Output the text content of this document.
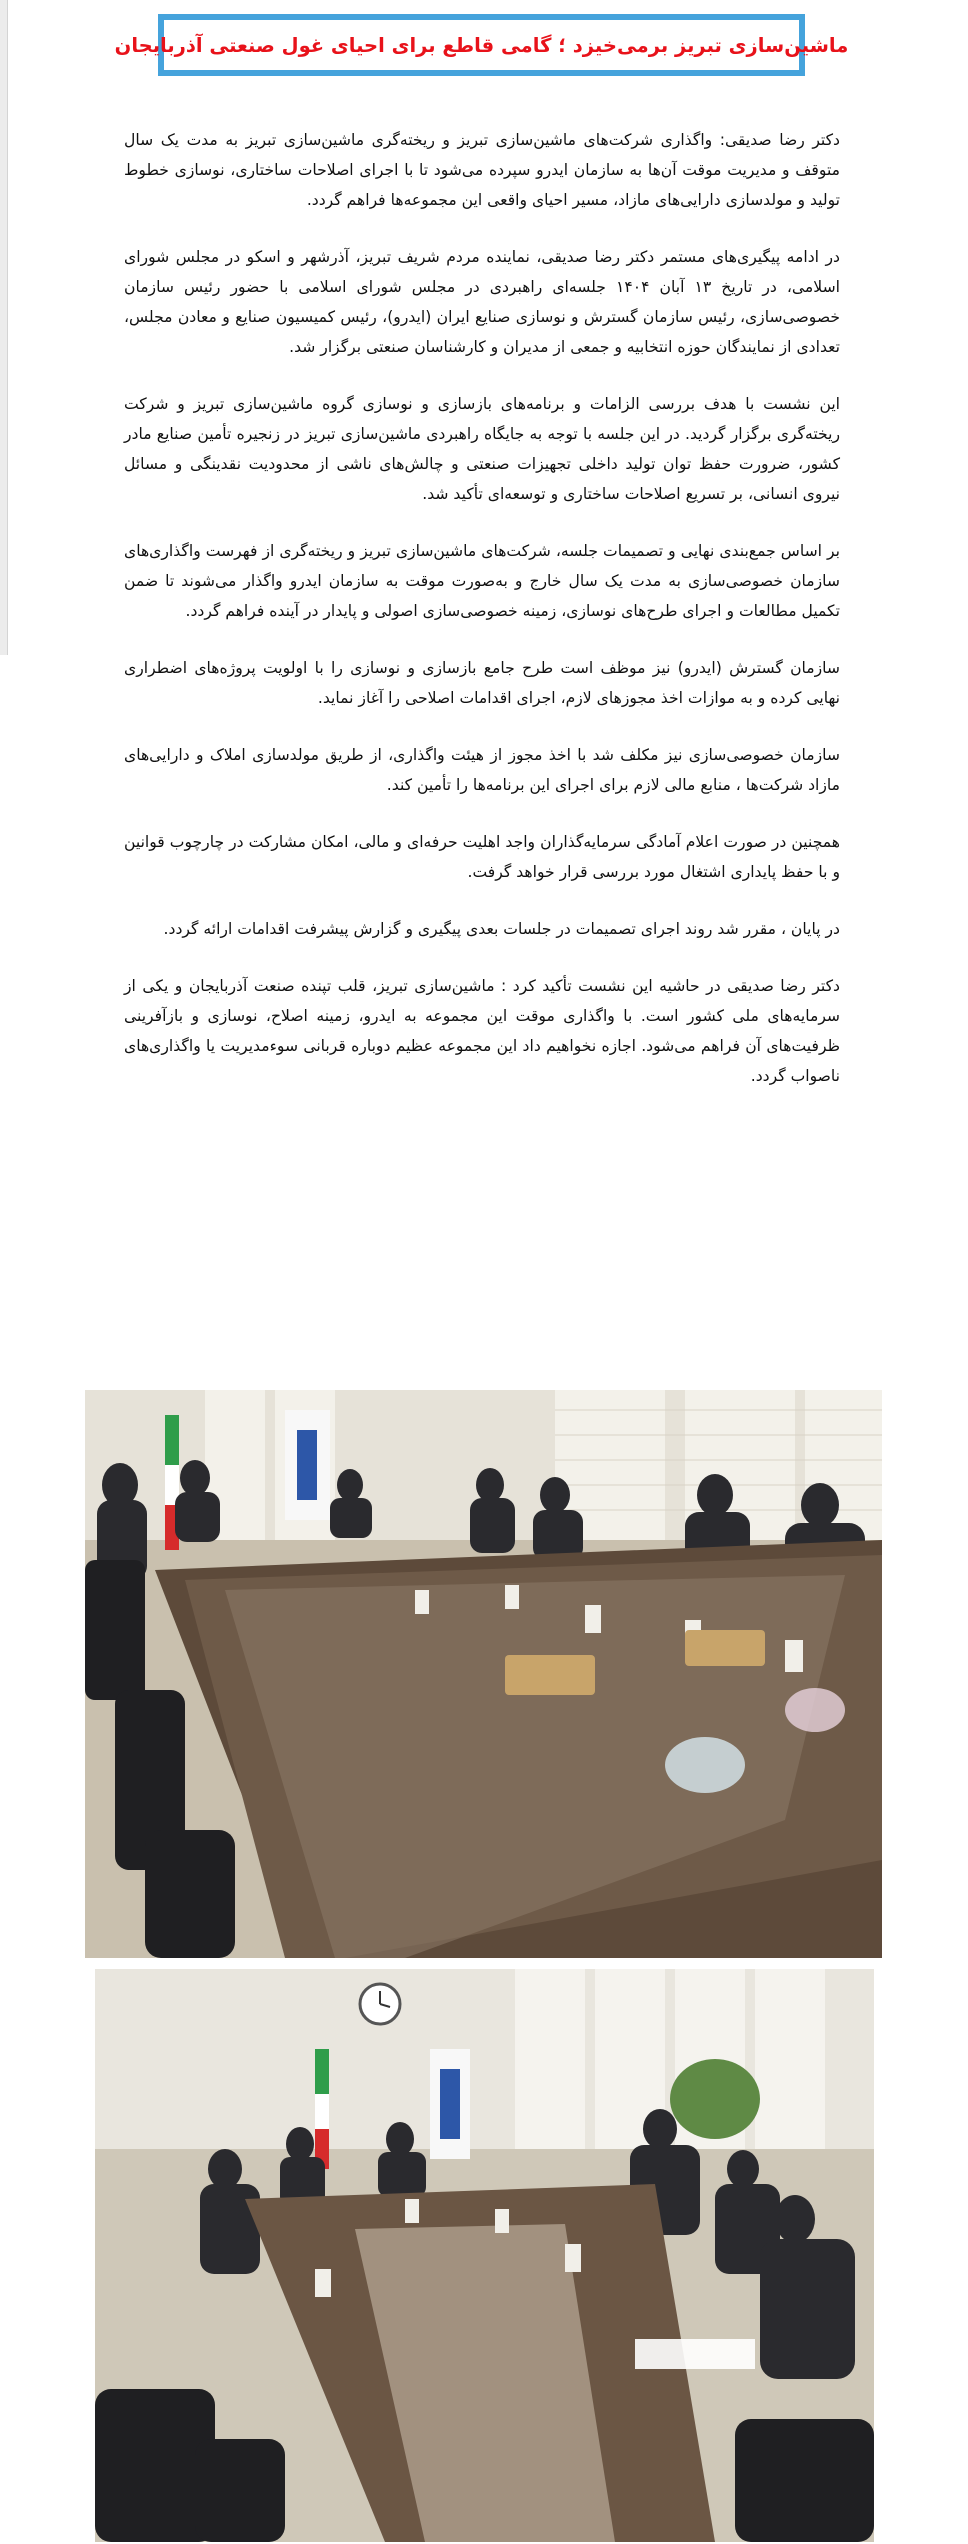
ماشین‌سازی تبریز برمی‌خیزد ؛ گامی قاطع برای احیای غول صنعتی آذربایجان

دکتر رضا صدیقی: واگذاری شرکت‌های ماشین‌سازی تبریز و ریخته‌گری ماشین‌سازی تبریز به مدت یک سال متوقف و مدیریت موقت آن‌ها به سازمان ایدرو سپرده می‌شود تا با اجرای اصلاحات ساختاری، نوسازی خطوط تولید و مولدسازی دارایی‌های مازاد، مسیر احیای واقعی این مجموعه‌ها فراهم گردد.

در ادامه پیگیری‌های مستمر دکتر رضا صدیقی، نماینده مردم شریف تبریز، آذرشهر و اسکو در مجلس شورای اسلامی، در تاریخ ۱۳ آبان ۱۴۰۴ جلسه‌ای راهبردی در مجلس شورای اسلامی با حضور رئیس سازمان خصوصی‌سازی، رئیس سازمان گسترش و نوسازی صنایع ایران (ایدرو)، رئیس کمیسیون صنایع و معادن مجلس، تعدادی از نمایندگان حوزه انتخابیه و جمعی از مدیران و کارشناسان صنعتی برگزار شد.

این نشست با هدف بررسی الزامات و برنامه‌های بازسازی و نوسازی گروه ماشین‌سازی تبریز و شرکت ریخته‌گری برگزار گردید. در این جلسه با توجه به جایگاه راهبردی ماشین‌سازی تبریز در زنجیره تأمین صنایع مادر کشور، ضرورت حفظ توان تولید داخلی تجهیزات صنعتی و چالش‌های ناشی از محدودیت نقدینگی و مسائل نیروی انسانی، بر تسریع اصلاحات ساختاری و توسعه‌ای تأکید شد.

بر اساس جمع‌بندی نهایی و تصمیمات جلسه، شرکت‌های ماشین‌سازی تبریز و ریخته‌گری از فهرست واگذاری‌های سازمان خصوصی‌سازی به مدت یک سال خارج و به‌صورت موقت به سازمان ایدرو واگذار می‌شوند تا ضمن تکمیل مطالعات و اجرای طرح‌های نوسازی، زمینه خصوصی‌سازی اصولی و پایدار در آینده فراهم گردد.

سازمان گسترش (ایدرو) نیز موظف است طرح جامع بازسازی و نوسازی را با اولویت پروژه‌های اضطراری نهایی کرده و به موازات اخذ مجوزهای لازم، اجرای اقدامات اصلاحی را آغاز نماید.

سازمان خصوصی‌سازی نیز مکلف شد با اخذ مجوز از هیئت واگذاری، از طریق مولدسازی املاک و دارایی‌های مازاد شرکت‌ها ، منابع مالی لازم برای اجرای این برنامه‌ها را تأمین کند.

همچنین در صورت اعلام آمادگی سرمایه‌گذاران واجد اهلیت حرفه‌ای و مالی، امکان مشارکت در چارچوب قوانین و با حفظ پایداری اشتغال مورد بررسی قرار خواهد گرفت.

در پایان ، مقرر شد روند اجرای تصمیمات در جلسات بعدی پیگیری و گزارش پیشرفت اقدامات ارائه گردد.

دکتر رضا صدیقی در حاشیه این نشست تأکید کرد : ماشین‌سازی تبریز، قلب تپنده صنعت آذربایجان و یکی از سرمایه‌های ملی کشور است. با واگذاری موقت این مجموعه به ایدرو، زمینه اصلاح، نوسازی و بازآفرینی ظرفیت‌های آن فراهم می‌شود. اجازه نخواهیم داد این مجموعه عظیم دوباره قربانی سوءمدیریت یا واگذاری‌های ناصواب گردد.
